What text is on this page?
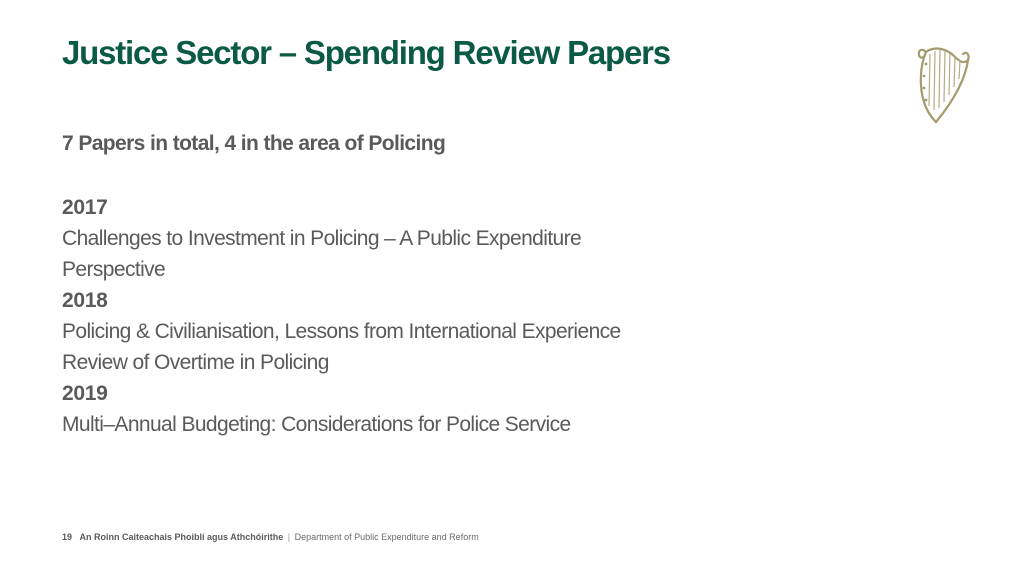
Justice Sector – Spending Review Papers

7 Papers in total, 4 in the area of Policing

2017

Challenges to Investment in Policing – A Public Expenditure

Perspective

2018

Policing & Civilianisation, Lessons from International Experience

Review of Overtime in Policing

2019

Multi–Annual Budgeting: Considerations for Police Service

19 An Roinn Caiteachais Phoiblí agus Athchóirithe | Department of Public Expenditure and Reform
